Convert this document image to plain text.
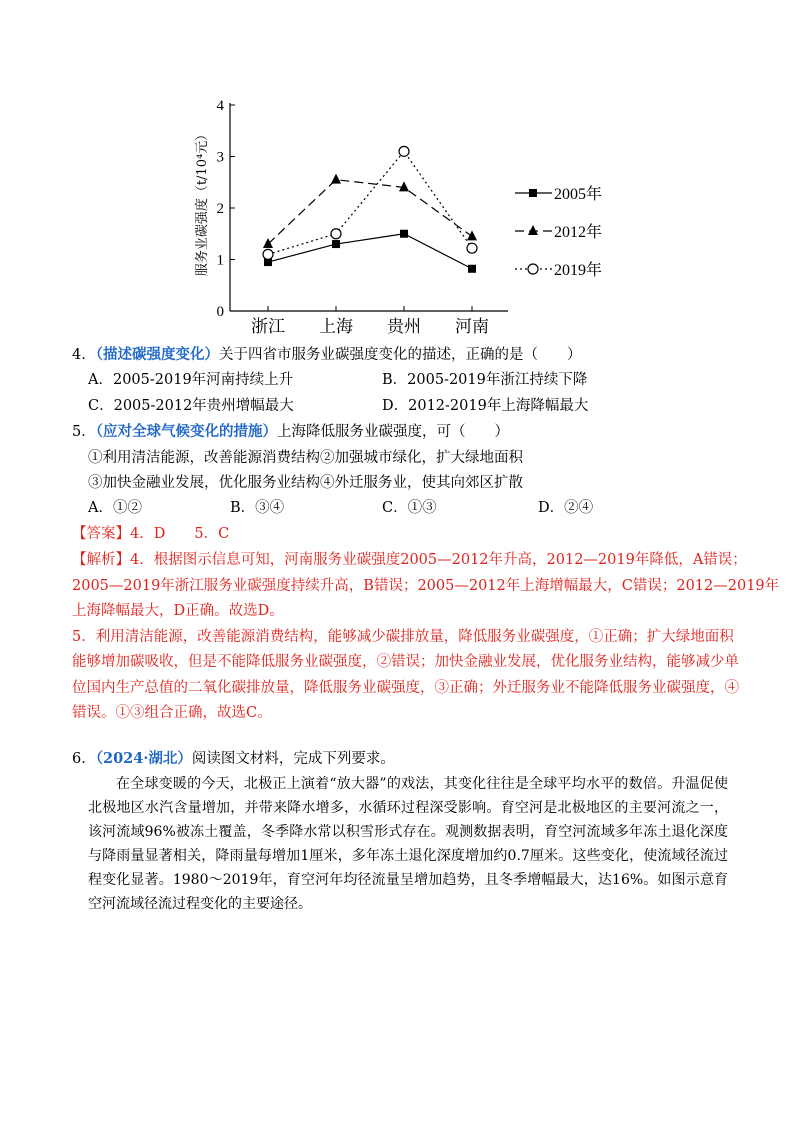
0
1
2
3
4
浙江 上海 贵州 河南
服务业碳强度（t/10⁴元）	2005年
2012年
2019年
4．（描述碳强度变化）关于四省市服务业碳强度变化的描述，正确的是（　　）
A．2005-2019年河南持续上升	B．2005-2019年浙江持续下降
C．2005-2012年贵州增幅最大	D．2012-2019年上海降幅最大
5．（应对全球气候变化的措施）上海降低服务业碳强度，可（　　）
①利用清洁能源，改善能源消费结构②加强城市绿化，扩大绿地面积
③加快金融业发展，优化服务业结构④外迁服务业，使其向郊区扩散
A．①②	B．③④	C．①③	D．②④
【答案】4．D　　5．C
【解析】4．根据图示信息可知，河南服务业碳强度2005—2012年升高，2012—2019年降低，A错误；
2005—2019年浙江服务业碳强度持续升高，B错误；2005—2012年上海增幅最大，C错误；2012—2019年
上海降幅最大，D正确。故选D。
5．利用清洁能源，改善能源消费结构，能够减少碳排放量，降低服务业碳强度，①正确；扩大绿地面积
能够增加碳吸收，但是不能降低服务业碳强度，②错误；加快金融业发展，优化服务业结构，能够减少单
位国内生产总值的二氧化碳排放量，降低服务业碳强度，③正确；外迁服务业不能降低服务业碳强度，④
错误。①③组合正确，故选C。
6．（2024·湖北）阅读图文材料，完成下列要求。

在全球变暖的今天，北极正上演着“放大器”的戏法，其变化往往是全球平均水平的数倍。升温促使北极地区水汽含量增加，并带来降水增多，水循环过程深受影响。育空河是北极地区的主要河流之一，该河流域96%被冻土覆盖，冬季降水常以积雪形式存在。观测数据表明，育空河流域多年冻土退化深度与降雨量显著相关，降雨量每增加1厘米，多年冻土退化深度增加约0.7厘米。这些变化，使流域径流过程变化显著。1980～2019年，育空河年均径流量呈增加趋势，且冬季增幅最大，达16%。如图示意育空河流域径流过程变化的主要途径。
